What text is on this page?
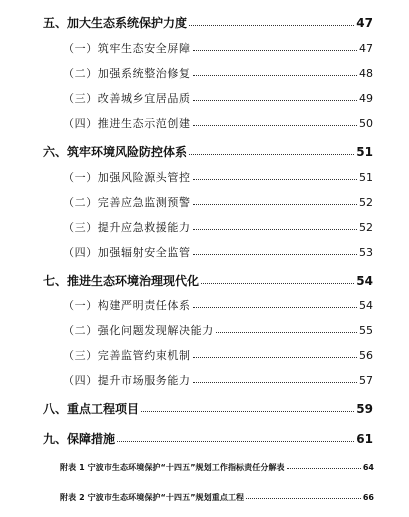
五、加大生态系统保护力度	47
（一）筑牢生态安全屏障	47
（二）加强系统整治修复	48
（三）改善城乡宜居品质	49
（四）推进生态示范创建	50
六、筑牢环境风险防控体系	51
（一）加强风险源头管控	51
（二）完善应急监测预警	52
（三）提升应急救援能力	52
（四）加强辐射安全监管	53
七、推进生态环境治理现代化	54
（一）构建严明责任体系	54
（二）强化问题发现解决能力	55
（三）完善监管约束机制	56
（四）提升市场服务能力	57
八、重点工程项目	59
九、保障措施	61
附表 1 宁波市生态环境保护“十四五”规划工作指标责任分解表	64
附表 2 宁波市生态环境保护“十四五”规划重点工程	66
